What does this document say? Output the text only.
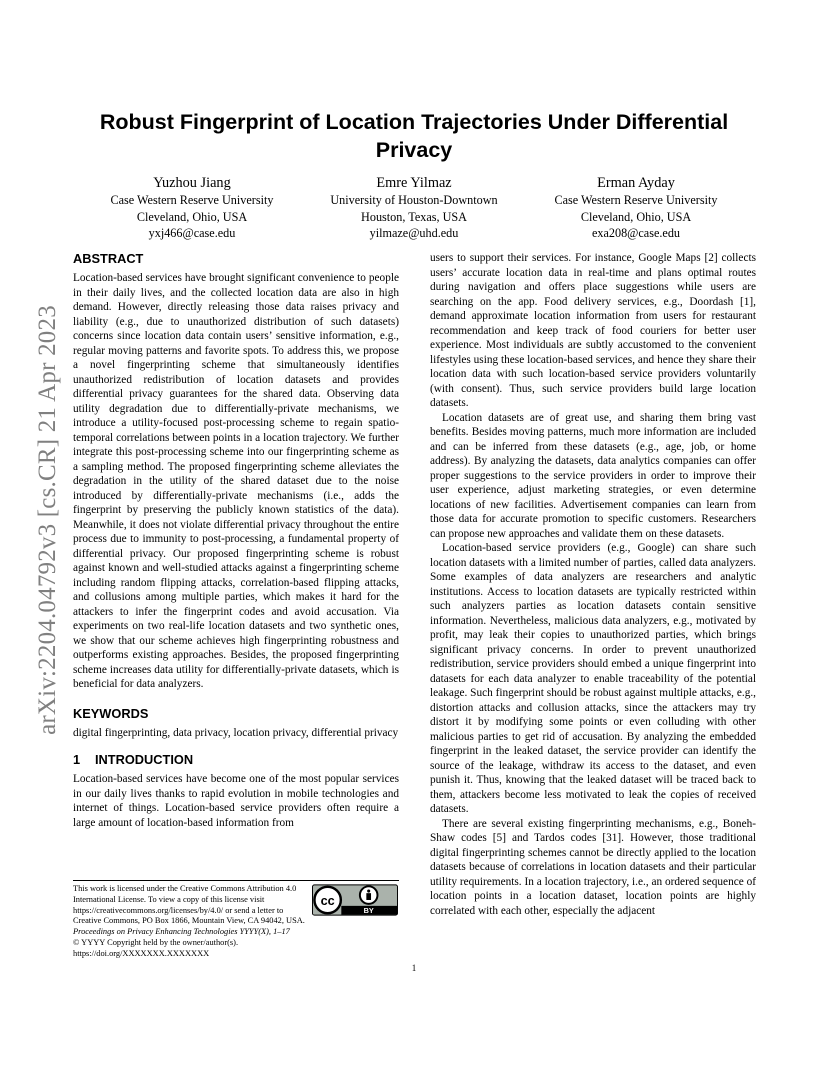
arXiv:2204.04792v3 [cs.CR] 21 Apr 2023
Robust Fingerprint of Location Trajectories Under Differential Privacy
Yuzhou Jiang
Case Western Reserve University
Cleveland, Ohio, USA
yxj466@case.edu
Emre Yilmaz
University of Houston-Downtown
Houston, Texas, USA
yilmaze@uhd.edu
Erman Ayday
Case Western Reserve University
Cleveland, Ohio, USA
exa208@case.edu
ABSTRACT

Location-based services have brought significant convenience to people in their daily lives, and the collected location data are also in high demand. However, directly releasing those data raises privacy and liability (e.g., due to unauthorized distribution of such datasets) concerns since location data contain users’ sensitive information, e.g., regular moving patterns and favorite spots. To address this, we propose a novel fingerprinting scheme that simultaneously identifies unauthorized redistribution of location datasets and provides differential privacy guarantees for the shared data. Observing data utility degradation due to differentially-private mechanisms, we introduce a utility-focused post-processing scheme to regain spatio-temporal correlations between points in a location trajectory. We further integrate this post-processing scheme into our fingerprinting scheme as a sampling method. The proposed fingerprinting scheme alleviates the degradation in the utility of the shared dataset due to the noise introduced by differentially-private mechanisms (i.e., adds the fingerprint by preserving the publicly known statistics of the data). Meanwhile, it does not violate differential privacy throughout the entire process due to immunity to post-processing, a fundamental property of differential privacy. Our proposed fingerprinting scheme is robust against known and well-studied attacks against a fingerprinting scheme including random flipping attacks, correlation-based flipping attacks, and collusions among multiple parties, which makes it hard for the attackers to infer the fingerprint codes and avoid accusation. Via experiments on two real-life location datasets and two synthetic ones, we show that our scheme achieves high fingerprinting robustness and outperforms existing approaches. Besides, the proposed fingerprinting scheme increases data utility for differentially-private datasets, which is beneficial for data analyzers.

KEYWORDS

digital fingerprinting, data privacy, location privacy, differential privacy

1 INTRODUCTION

Location-based services have become one of the most popular services in our daily lives thanks to rapid evolution in mobile technologies and internet of things. Location-based service providers often require a large amount of location-based information from

users to support their services. For instance, Google Maps [2] collects users’ accurate location data in real-time and plans optimal routes during navigation and offers place suggestions while users are searching on the app. Food delivery services, e.g., Doordash [1], demand approximate location information from users for restaurant recommendation and keep track of food couriers for better user experience. Most individuals are subtly accustomed to the convenient lifestyles using these location-based services, and hence they share their location data with such location-based service providers voluntarily (with consent). Thus, such service providers build large location datasets.

Location datasets are of great use, and sharing them bring vast benefits. Besides moving patterns, much more information are included and can be inferred from these datasets (e.g., age, job, or home address). By analyzing the datasets, data analytics companies can offer proper suggestions to the service providers in order to improve their user experience, adjust marketing strategies, or even determine locations of new facilities. Advertisement companies can learn from those data for accurate promotion to specific customers. Researchers can propose new approaches and validate them on these datasets.

Location-based service providers (e.g., Google) can share such location datasets with a limited number of parties, called data analyzers. Some examples of data analyzers are researchers and analytic institutions. Access to location datasets are typically restricted within such analyzers parties as location datasets contain sensitive information. Nevertheless, malicious data analyzers, e.g., motivated by profit, may leak their copies to unauthorized parties, which brings significant privacy concerns. In order to prevent unauthorized redistribution, service providers should embed a unique fingerprint into datasets for each data analyzer to enable traceability of the potential leakage. Such fingerprint should be robust against multiple attacks, e.g., distortion attacks and collusion attacks, since the attackers may try distort it by modifying some points or even colluding with other malicious parties to get rid of accusation. By analyzing the embedded fingerprint in the leaked dataset, the service provider can identify the source of the leakage, withdraw its access to the dataset, and even punish it. Thus, knowing that the leaked dataset will be traced back to them, attackers become less motivated to leak the copies of received datasets.

There are several existing fingerprinting mechanisms, e.g., Boneh-Shaw codes [5] and Tardos codes [31]. However, those traditional digital fingerprinting schemes cannot be directly applied to the location datasets because of correlations in location datasets and their particular utility requirements. In a location trajectory, i.e., an ordered sequence of location points in a location dataset, location points are highly correlated with each other, especially the adjacent

This work is licensed under the Creative Commons Attribution 4.0 International License. To view a copy of this license visit https://creativecommons.org/licenses/by/4.0/ or send a letter to Creative Commons, PO Box 1866, Mountain View, CA 94042, USA.
Proceedings on Privacy Enhancing Technologies YYYY(X), 1–17
© YYYY Copyright held by the owner/author(s).
https://doi.org/XXXXXXX.XXXXXXX
cc
BY
1
